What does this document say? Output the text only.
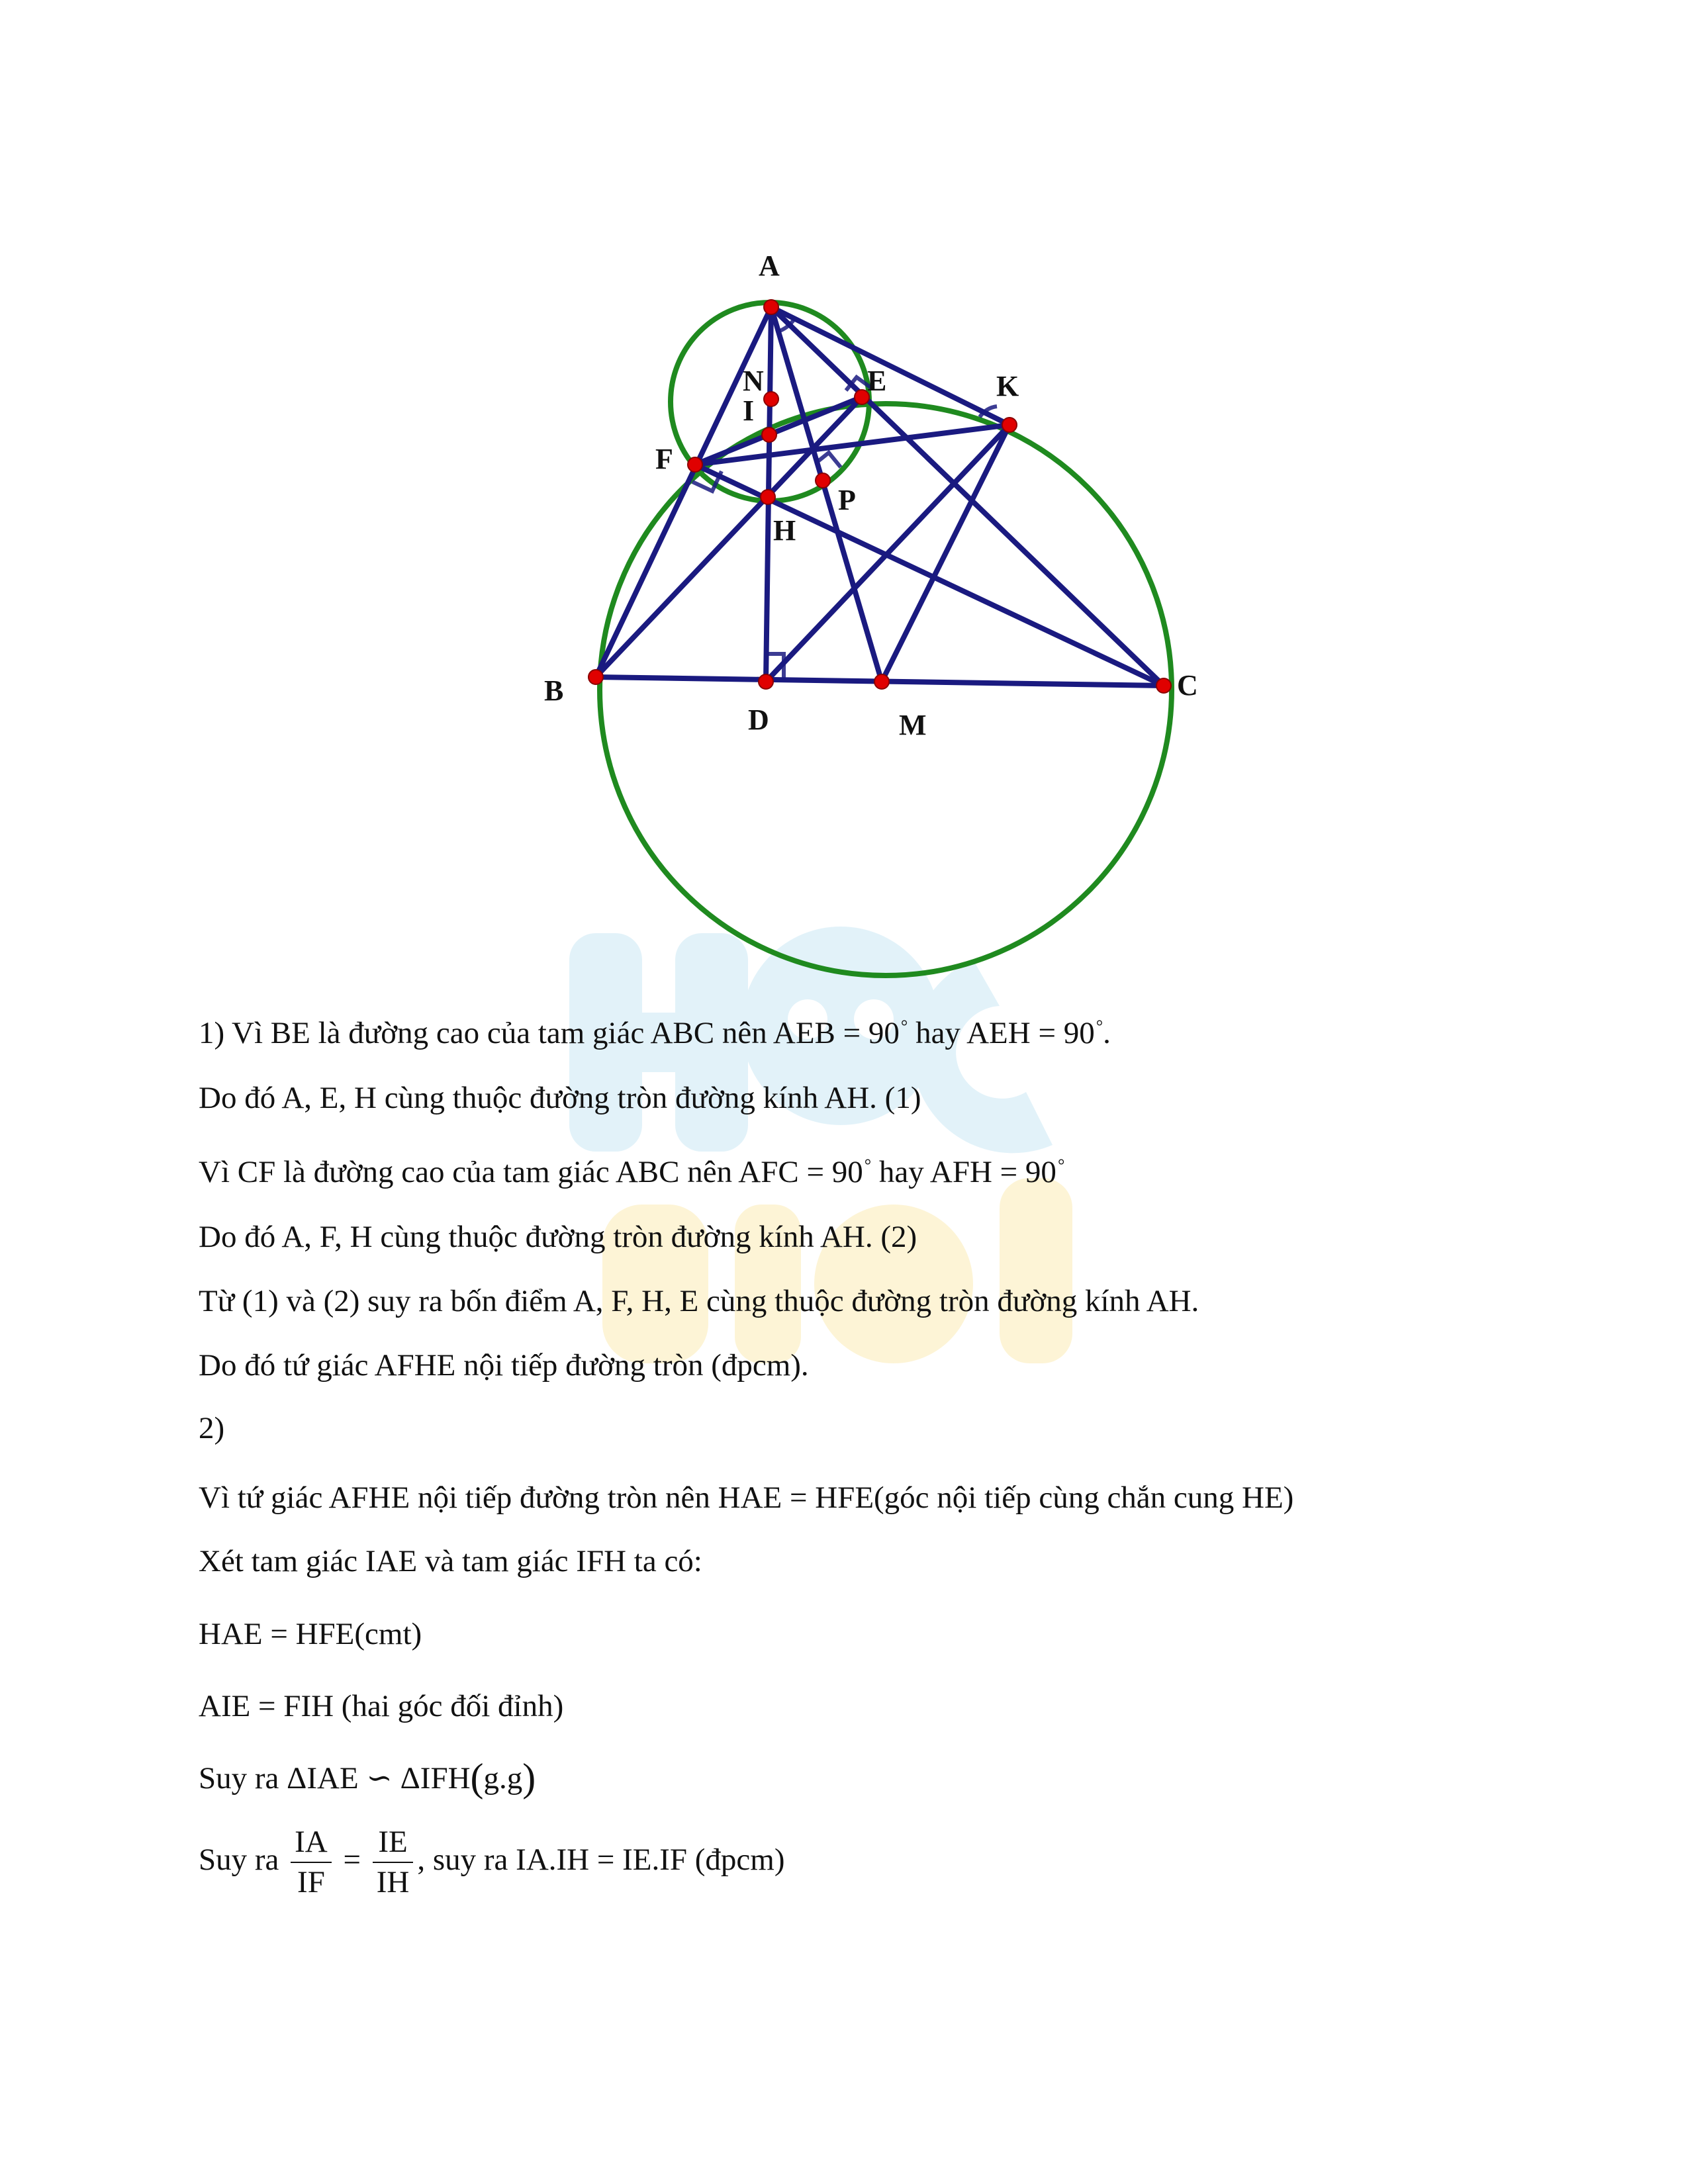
A
N	E	K
I
F
P
H
B
D	M
C
1) Vì BE là đường cao của tam giác ABC nên AEB = 90° hay AEH = 90°.
Do đó A, E, H cùng thuộc đường tròn đường kính AH. (1)
Vì CF là đường cao của tam giác ABC nên AFC = 90° hay AFH = 90°
Do đó A, F, H cùng thuộc đường tròn đường kính AH. (2)
Từ (1) và (2) suy ra bốn điểm A, F, H, E cùng thuộc đường tròn đường kính AH.
Do đó tứ giác AFHE nội tiếp đường tròn (đpcm).
2)
Vì tứ giác AFHE nội tiếp đường tròn nên HAE = HFE(góc nội tiếp cùng chắn cung HE)
Xét tam giác IAE và tam giác IFH ta có:
HAE = HFE(cmt)
AIE = FIH (hai góc đối đỉnh)
Suy ra ΔIAE ∽ ΔIFH(g.g)
Suy ra $\frac{IA}{IF} = \frac{IE}{IH}$ , suy ra IA.IH = IE.IF (đpcm)
